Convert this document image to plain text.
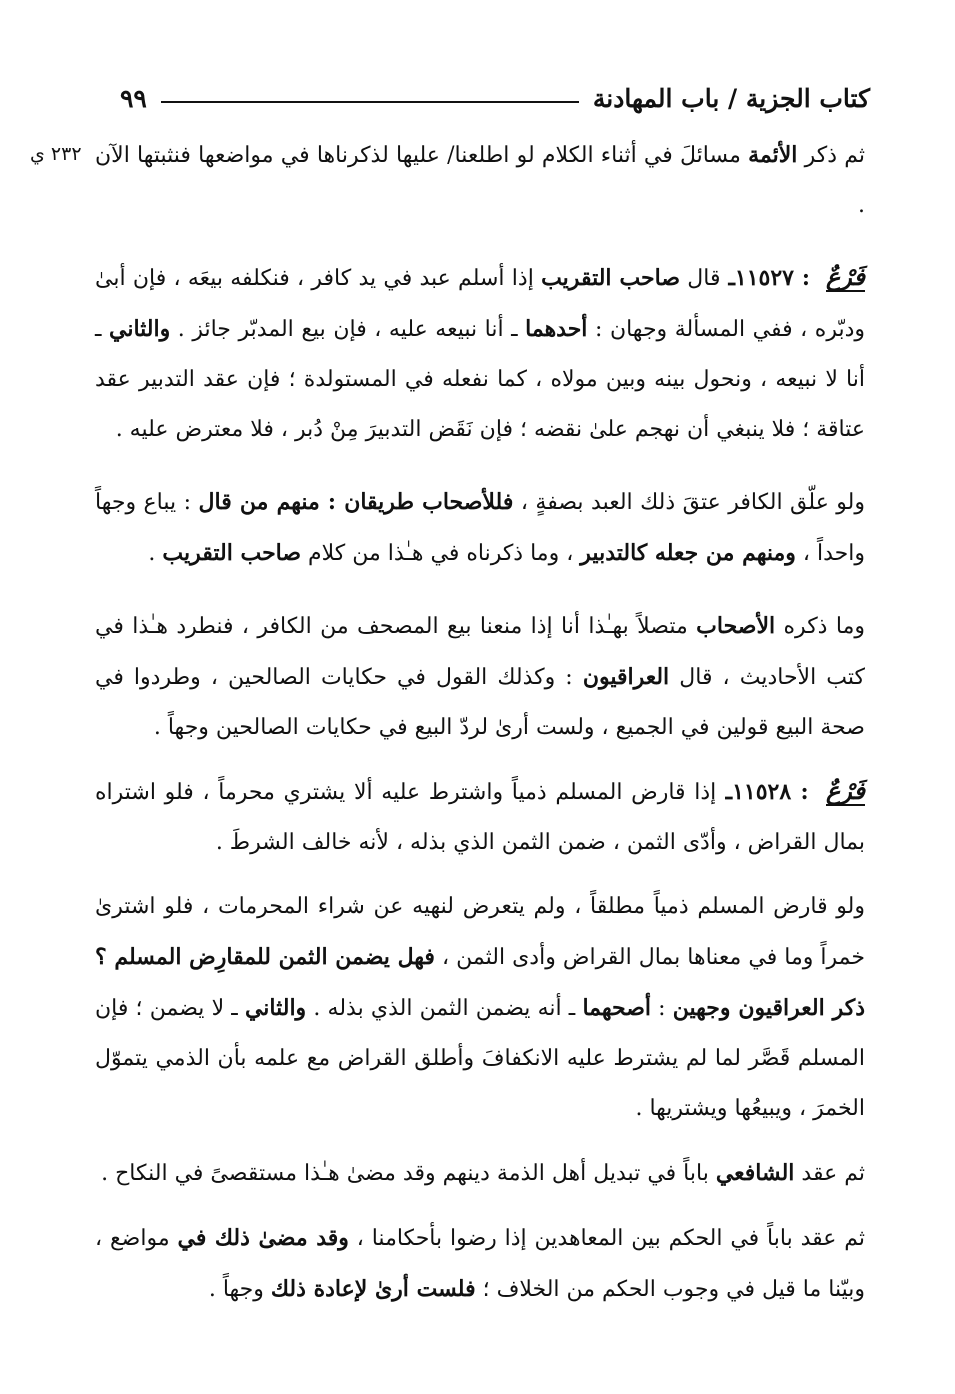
كتاب الجزية / باب المهادنة
٩٩
٢٣٢ ي	ثم ذكر الأئمة مسائلَ في أثناء الكلام لو اطلعنا/ عليها لذكرناها في مواضعها فنثبتها الآن .

فَرْعٌ : ١١٥٢٧ـ قال صاحب التقريب إذا أسلم عبد في يد كافر ، فنكلفه بيعَه ، فإن أبىٰ ودبّره ، ففي المسألة وجهان : أحدهما ـ أنا نبيعه عليه ، فإن بيع المدبّر جائز . والثاني ـ أنا لا نبيعه ، ونحول بينه وبين مولاه ، كما نفعله في المستولدة ؛ فإن عقد التدبير عقد عتاقة ؛ فلا ينبغي أن نهجم علىٰ نقضه ؛ فإن نَقَض التدبيرَ مِنْ دُبر ، فلا معترض عليه .

ولو علّق الكافر عتقَ ذلك العبد بصفةٍ ، فللأصحاب طريقان : منهم من قال : يباع وجهاً واحداً ، ومنهم من جعله كالتدبير ، وما ذكرناه في هـٰذا من كلام صاحب التقريب .

وما ذكره الأصحاب متصلاً بهـٰذا أنا إذا منعنا بيع المصحف من الكافر ، فنطرد هـٰذا في كتب الأحاديث ، قال العراقيون : وكذلك القول في حكايات الصالحين ، وطردوا في صحة البيع قولين في الجميع ، ولست أرىٰ لردّ البيع في حكايات الصالحين وجهاً .

فَرْعٌ : ١١٥٢٨ـ إذا قارض المسلم ذمياً واشترط عليه ألا يشتري محرماً ، فلو اشتراه بمال القراض ، وأدّى الثمن ، ضمن الثمن الذي بذله ، لأنه خالف الشرطَ .

ولو قارض المسلم ذمياً مطلقاً ، ولم يتعرض لنهيه عن شراء المحرمات ، فلو اشترىٰ خمراً وما في معناها بمال القراض وأدى الثمن ، فهل يضمن الثمن للمقارِض المسلم ؟ ذكر العراقيون وجهين : أصحهما ـ أنه يضمن الثمن الذي بذله . والثاني ـ لا يضمن ؛ فإن المسلم قَصَّر لما لم يشترط عليه الانكفافَ وأطلق القراض مع علمه بأن الذمي يتموّل الخمرَ ، ويبيعُها ويشتريها .

ثم عقد الشافعي باباً في تبديل أهل الذمة دينهم وقد مضىٰ هـٰذا مستقصىً في النكاح .

ثم عقد باباً في الحكم بين المعاهدين إذا رضوا بأحكامنا ، وقد مضىٰ ذلك في مواضع ، وبيّنا ما قيل في وجوب الحكم من الخلاف ؛ فلست أرىٰ لإعادة ذلك وجهاً .
